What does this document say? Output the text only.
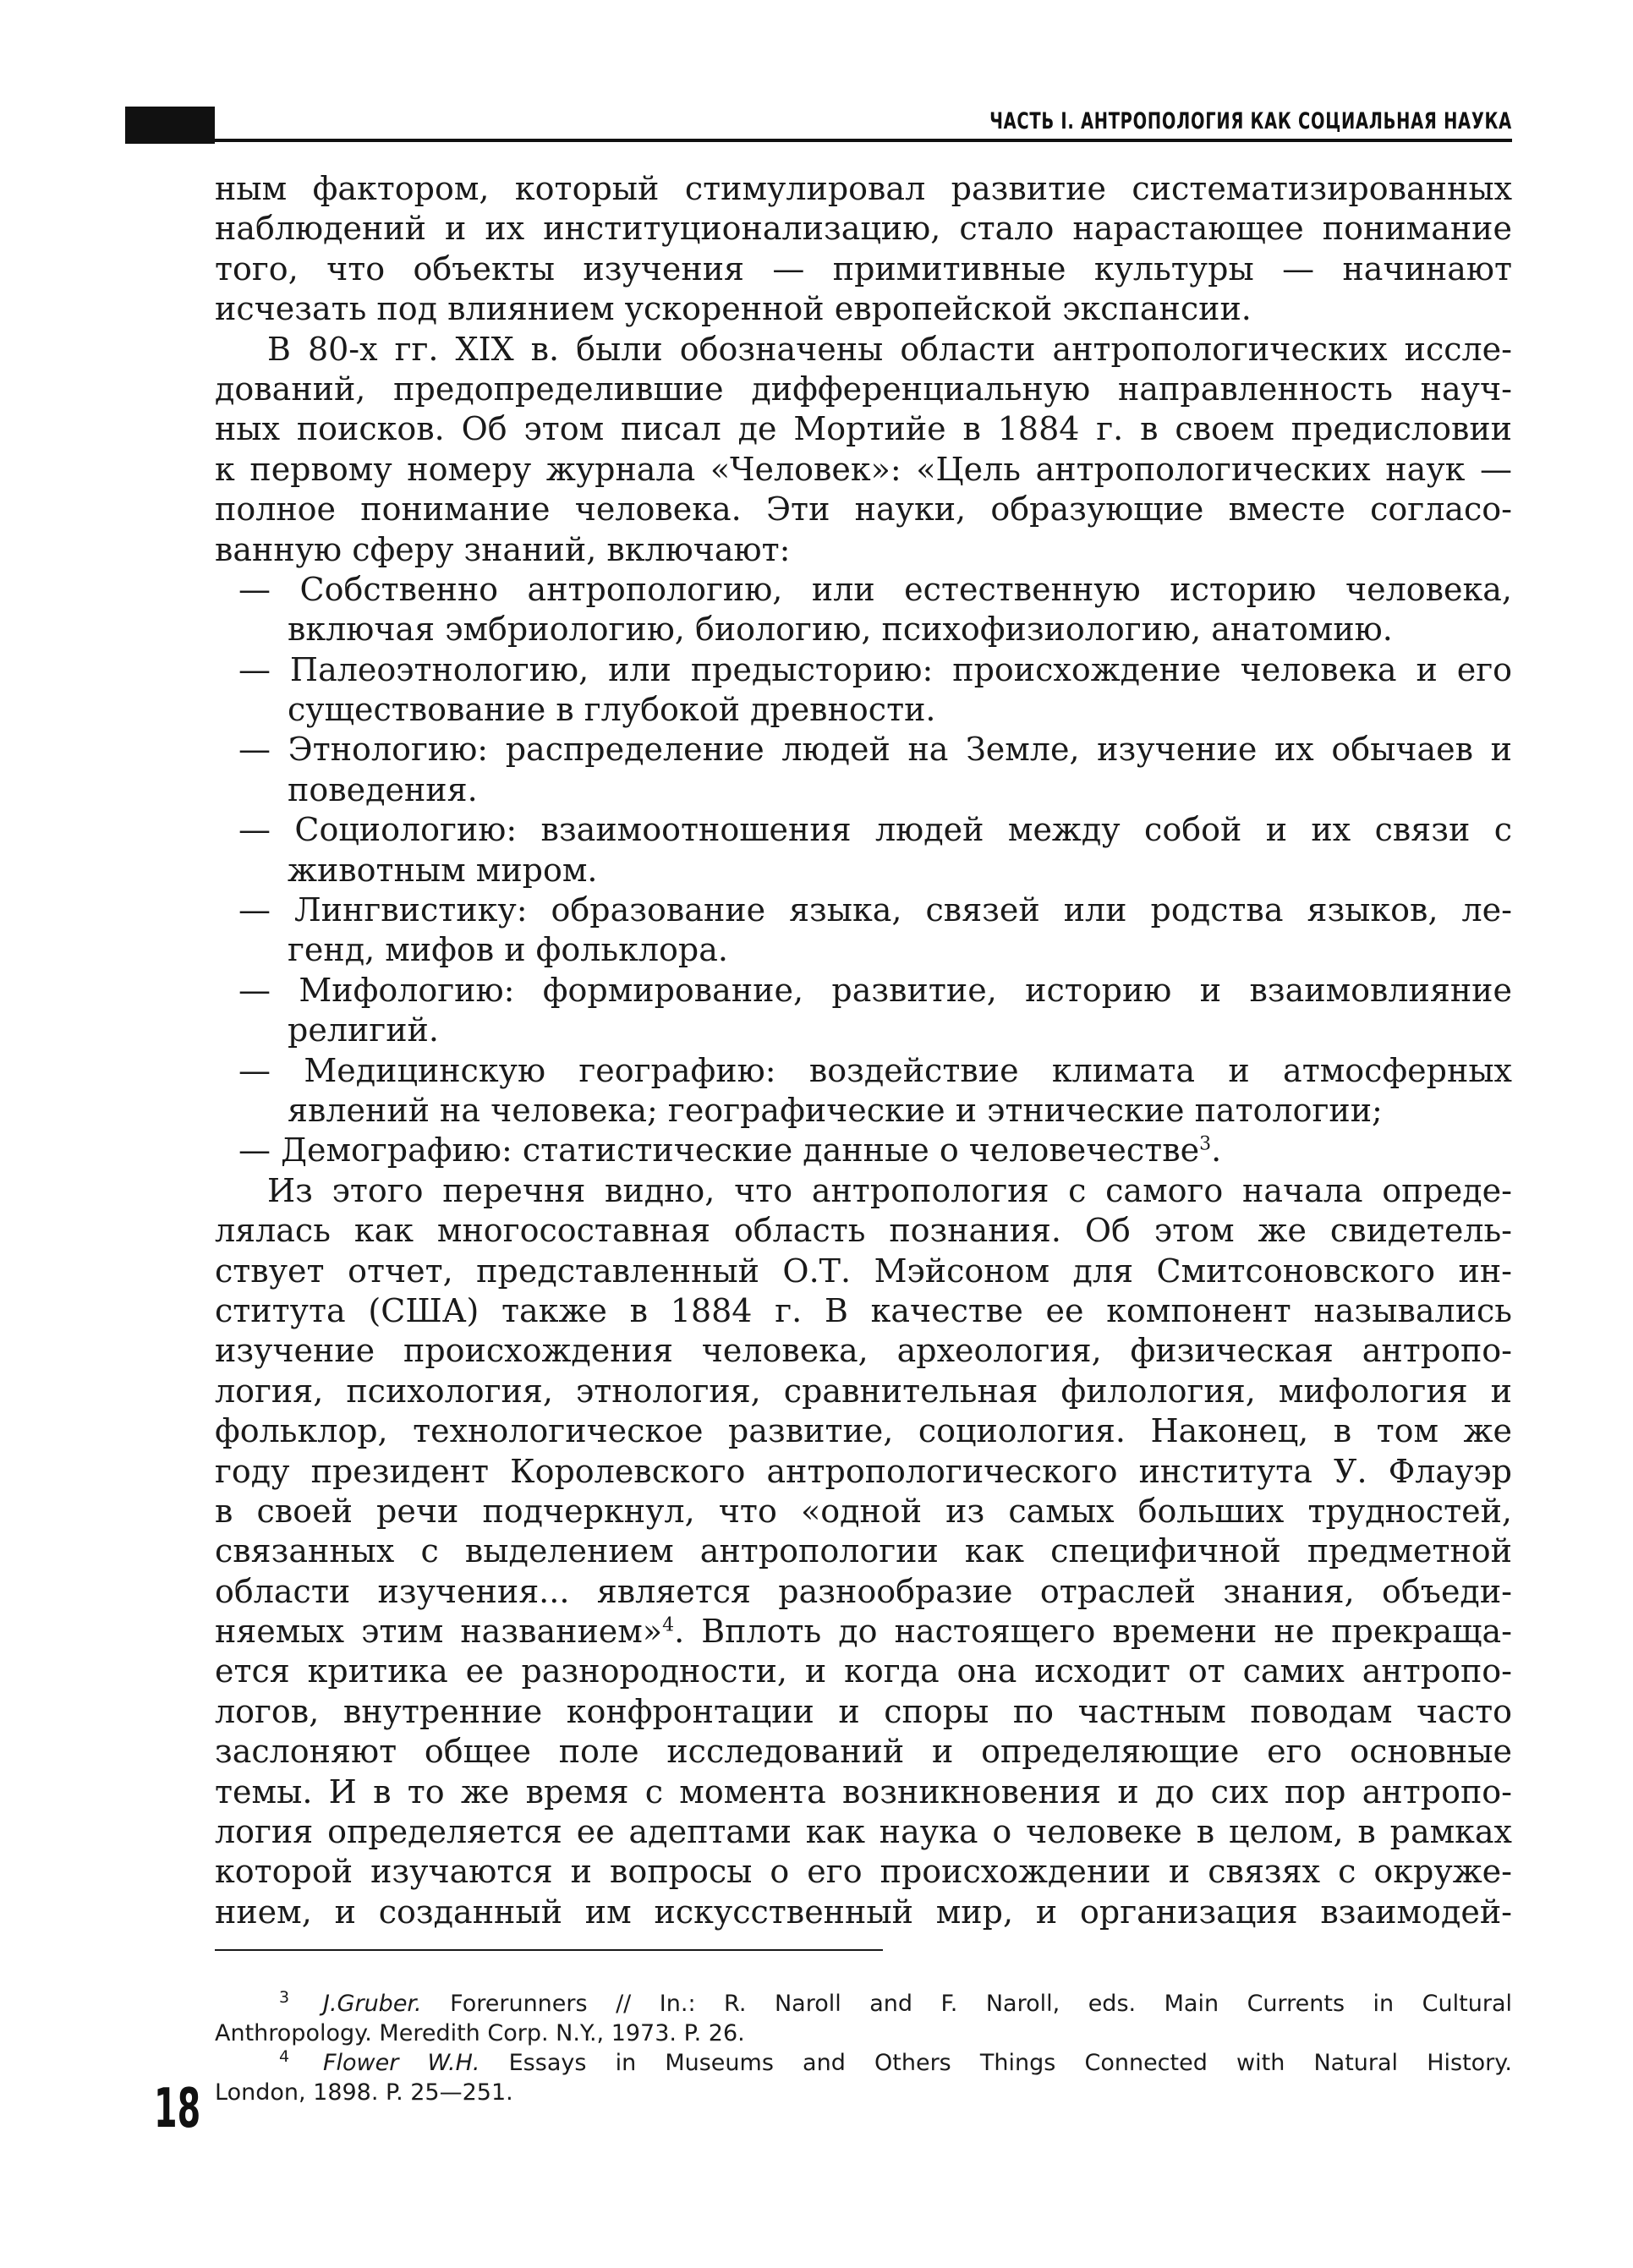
ЧАСТЬ I. АНТРОПОЛОГИЯ КАК СОЦИАЛЬНАЯ НАУКА
ным фактором, который стимулировал развитие систематизированных
наблюдений и их институционализацию, стало нарастающее понимание
того, что объекты изучения — примитивные культуры — начинают
исчезать под влиянием ускоренной европейской экспансии.
В 80-х гг. XIX в. были обозначены области антропологических иссле-
дований, предопределившие дифференциальную направленность науч-
ных поисков. Об этом писал де Мортийе в 1884 г. в своем предисловии
к первому номеру журнала «Человек»: «Цель антропологических наук —
полное понимание человека. Эти науки, образующие вместе согласо-
ванную сферу знаний, включают:
— Собственно антропологию, или естественную историю человека,
включая эмбриологию, биологию, психофизиологию, анатомию.
— Палеоэтнологию, или предысторию: происхождение человека и его
существование в глубокой древности.
— Этнологию: распределение людей на Земле, изучение их обычаев и
поведения.
— Социологию: взаимоотношения людей между собой и их связи с
животным миром.
— Лингвистику: образование языка, связей или родства языков, ле-
генд, мифов и фольклора.
— Мифологию: формирование, развитие, историю и взаимовлияние
религий.
— Медицинскую географию: воздействие климата и атмосферных
явлений на человека; географические и этнические патологии;
— Демографию: статистические данные о человечестве$^3$.
Из этого перечня видно, что антропология с самого начала опреде-
лялась как многосоставная область познания. Об этом же свидетель-
ствует отчет, представленный О.Т. Мэйсоном для Смитсоновского ин-
ститута (США) также в 1884 г. В качестве ее компонент назывались
изучение происхождения человека, археология, физическая антропо-
логия, психология, этнология, сравнительная филология, мифология и
фольклор, технологическое развитие, социология. Наконец, в том же
году президент Королевского антропологического института У. Флауэр
в своей речи подчеркнул, что «одной из самых больших трудностей,
связанных с выделением антропологии как специфичной предметной
области изучения... является разнообразие отраслей знания, объеди-
няемых этим названием»$^4$. Вплоть до настоящего времени не прекраща-
ется критика ее разнородности, и когда она исходит от самих антропо-
логов, внутренние конфронтации и споры по частным поводам часто
заслоняют общее поле исследований и определяющие его основные
темы. И в то же время с момента возникновения и до сих пор антропо-
логия определяется ее адептами как наука о человеке в целом, в рамках
которой изучаются и вопросы о его происхождении и связях с окруже-
нием, и созданный им искусственный мир, и организация взаимодей-
3 J.Gruber. Forerunners // In.: R. Naroll and F. Naroll, eds. Main Currents in Cultural
Anthropology. Meredith Corp. N.Y., 1973. P. 26.
4 Flower W.H. Essays in Museums and Others Things Connected with Natural History.
London, 1898. P. 25—251.
18
